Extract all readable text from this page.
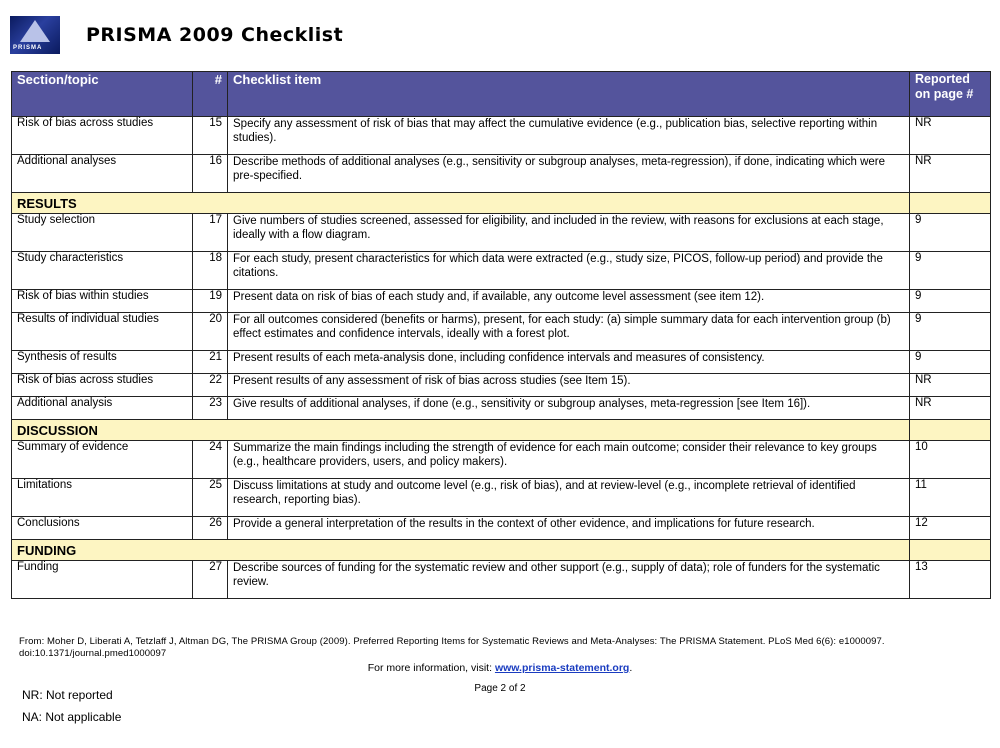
PRISMA
PRISMA 2009 Checklist
Section/topic	#	Checklist item	Reported
on page #
Risk of bias across studies	15	Specify any assessment of risk of bias that may affect the cumulative evidence (e.g., publication bias, selective reporting within studies).	NR
Additional analyses	16	Describe methods of additional analyses (e.g., sensitivity or subgroup analyses, meta-regression), if done, indicating which were pre-specified.	NR
RESULTS			
Study selection	17	Give numbers of studies screened, assessed for eligibility, and included in the review, with reasons for exclusions at each stage, ideally with a flow diagram.	9
Study characteristics	18	For each study, present characteristics for which data were extracted (e.g., study size, PICOS, follow-up period) and provide the citations.	9
Risk of bias within studies	19	Present data on risk of bias of each study and, if available, any outcome level assessment (see item 12).	9
Results of individual studies	20	For all outcomes considered (benefits or harms), present, for each study: (a) simple summary data for each intervention group (b) effect estimates and confidence intervals, ideally with a forest plot.	9
Synthesis of results	21	Present results of each meta-analysis done, including confidence intervals and measures of consistency.	9
Risk of bias across studies	22	Present results of any assessment of risk of bias across studies (see Item 15).	NR
Additional analysis	23	Give results of additional analyses, if done (e.g., sensitivity or subgroup analyses, meta-regression [see Item 16]).	NR
DISCUSSION			
Summary of evidence	24	Summarize the main findings including the strength of evidence for each main outcome; consider their relevance to key groups (e.g., healthcare providers, users, and policy makers).	10
Limitations	25	Discuss limitations at study and outcome level (e.g., risk of bias), and at review-level (e.g., incomplete retrieval of identified research, reporting bias).	11
Conclusions	26	Provide a general interpretation of the results in the context of other evidence, and implications for future research.	12
FUNDING			
Funding	27	Describe sources of funding for the systematic review and other support (e.g., supply of data); role of funders for the systematic review.	13
From: Moher D, Liberati A, Tetzlaff J, Altman DG, The PRISMA Group (2009). Preferred Reporting Items for Systematic Reviews and Meta-Analyses: The PRISMA Statement. PLoS Med 6(6): e1000097. doi:10.1371/journal.pmed1000097
For more information, visit: www.prisma-statement.org.
Page 2 of 2
NR: Not reported
NA: Not applicable
